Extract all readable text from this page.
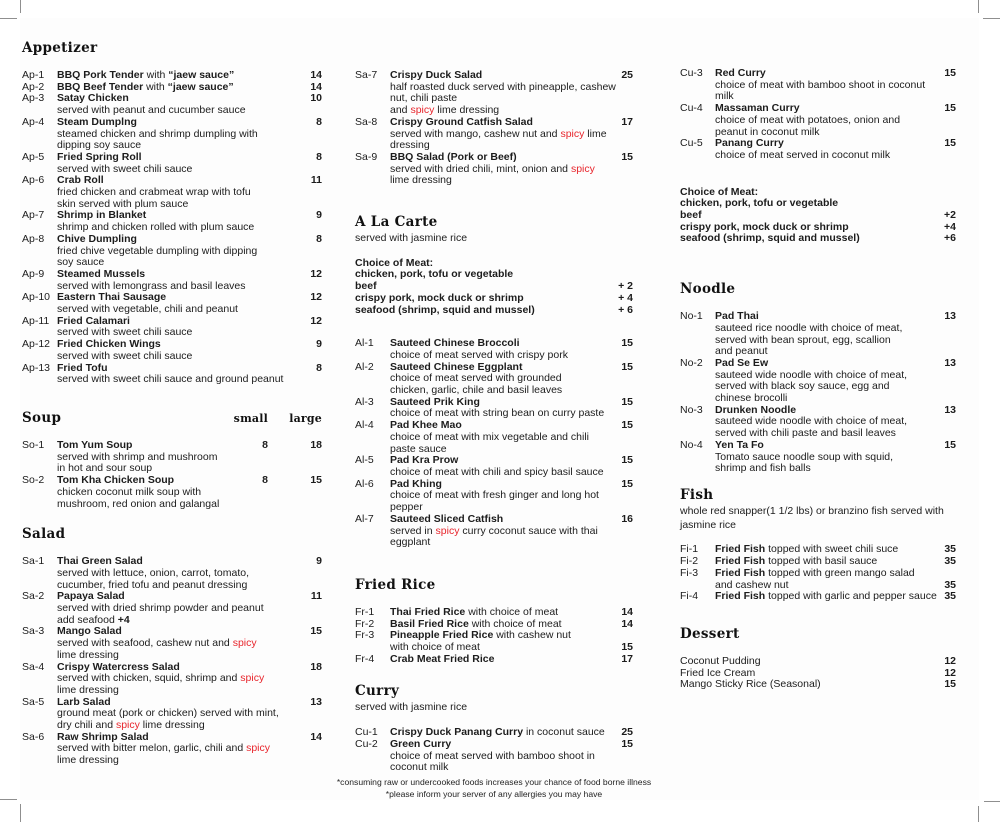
Appetizer
Ap-1	BBQ Pork Tender with “jaew sauce”	14
Ap-2	BBQ Beef Tender with “jaew sauce”	14
Ap-3	Satay Chicken	10
served with peanut and cucumber sauce
Ap-4	Steam Dumplng	8
steamed chicken and shrimp dumpling with
dipping soy sauce
Ap-5	Fried Spring Roll	8
served with sweet chili sauce
Ap-6	Crab Roll	11
fried chicken and crabmeat wrap with tofu
skin served with plum sauce
Ap-7	Shrimp in Blanket	9
shrimp and chicken rolled with plum sauce
Ap-8	Chive Dumpling	8
fried chive vegetable dumpling with dipping
soy sauce
Ap-9	Steamed Mussels	12
served with lemongrass and basil leaves
Ap-10 Eastern Thai Sausage	12
served with vegetable, chili and peanut
Ap-11 Fried Calamari	12
served with sweet chili sauce
Ap-12 Fried Chicken Wings	9
served with sweet chili sauce
Ap-13 Fried Tofu	8
served with sweet chili sauce and ground peanut
Soup	small	large
So-1	Tom Yum Soup	8	18
served with shrimp and mushroom
in hot and sour soup
So-2	Tom Kha Chicken Soup	8	15
chicken coconut milk soup with
mushroom, red onion and galangal
Salad
Sa-1	Thai Green Salad	9
served with lettuce, onion, carrot, tomato,
cucumber, fried tofu and peanut dressing
Sa-2	Papaya Salad	11
served with dried shrimp powder and peanut
add seafood +4
Sa-3	Mango Salad	15
served with seafood, cashew nut and spicy
lime dressing
Sa-4	Crispy Watercress Salad	18
served with chicken, squid, shrimp and spicy
lime dressing
Sa-5	Larb Salad	13
ground meat (pork or chicken) served with mint,
dry chili and spicy lime dressing
Sa-6	Raw Shrimp Salad	14
served with bitter melon, garlic, chili and spicy
lime dressing
Sa-7	Crispy Duck Salad	25
half roasted duck served with pineapple, cashew
nut, chili paste
and spicy lime dressing
Sa-8	Crispy Ground Catfish Salad	17
served with mango, cashew nut and spicy lime
dressing
Sa-9	BBQ Salad (Pork or Beef)	15
served with dried chili, mint, onion and spicy
lime dressing
A La Carte
served with jasmine rice
Choice of Meat:
chicken, pork, tofu or vegetable
beef	+ 2
crispy pork, mock duck or shrimp	+ 4
seafood (shrimp, squid and mussel)	+ 6
Al-1	Sauteed Chinese Broccoli	15
choice of meat served with crispy pork
Al-2	Sauteed Chinese Eggplant	15
choice of meat served with grounded
chicken, garlic, chile and basil leaves
Al-3	Sauteed Prik King	15
choice of meat with string bean on curry paste
Al-4	Pad Khee Mao	15
choice of meat with mix vegetable and chili
paste sauce
Al-5	Pad Kra Prow	15
choice of meat with chili and spicy basil sauce
Al-6	Pad Khing	15
choice of meat with fresh ginger and long hot
pepper
Al-7	Sauteed Sliced Catfish	16
served in spicy curry coconut sauce with thai
eggplant
Fried Rice
Fr-1	Thai Fried Rice with choice of meat	14
Fr-2	Basil Fried Rice with choice of meat	14
Fr-3	Pineapple Fried Rice with cashew nut
with choice of meat	15
Fr-4	Crab Meat Fried Rice	17
Curry
served with jasmine rice
Cu-1	Crispy Duck Panang Curry in coconut sauce	25
Cu-2	Green Curry	15
choice of meat served with bamboo shoot in
coconut milk
*consuming raw or undercooked foods increases your chance of food borne illness
*please inform your server of any allergies you may have
Cu-3	Red Curry	15
choice of meat with bamboo shoot in coconut
milk
Cu-4	Massaman Curry	15
choice of meat with potatoes, onion and
peanut in coconut milk
Cu-5	Panang Curry	15
choice of meat served in coconut milk
Choice of Meat:
chicken, pork, tofu or vegetable
beef	+2
crispy pork, mock duck or shrimp	+4
seafood (shrimp, squid and mussel)	+6
Noodle
No-1	Pad Thai	13
sauteed rice noodle with choice of meat,
served with bean sprout, egg, scallion
and peanut
No-2	Pad Se Ew	13
sauteed wide noodle with choice of meat,
served with black soy sauce, egg and
chinese brocolli
No-3	Drunken Noodle	13
sauteed wide noodle with choice of meat,
served with chili paste and basil leaves
No-4	Yen Ta Fo	15
Tomato sauce noodle soup with squid,
shrimp and fish balls
Fish
whole red snapper(1 1/2 lbs) or branzino fish served with
jasmine rice
Fi-1	Fried Fish topped with sweet chili suce	35
Fi-2	Fried Fish topped with basil sauce	35
Fi-3	Fried Fish topped with green mango salad
and cashew nut	35
Fi-4	Fried Fish topped with garlic and pepper sauce 35
Dessert
Coconut Pudding	12
Fried Ice Cream	12
Mango Sticky Rice (Seasonal)	15
